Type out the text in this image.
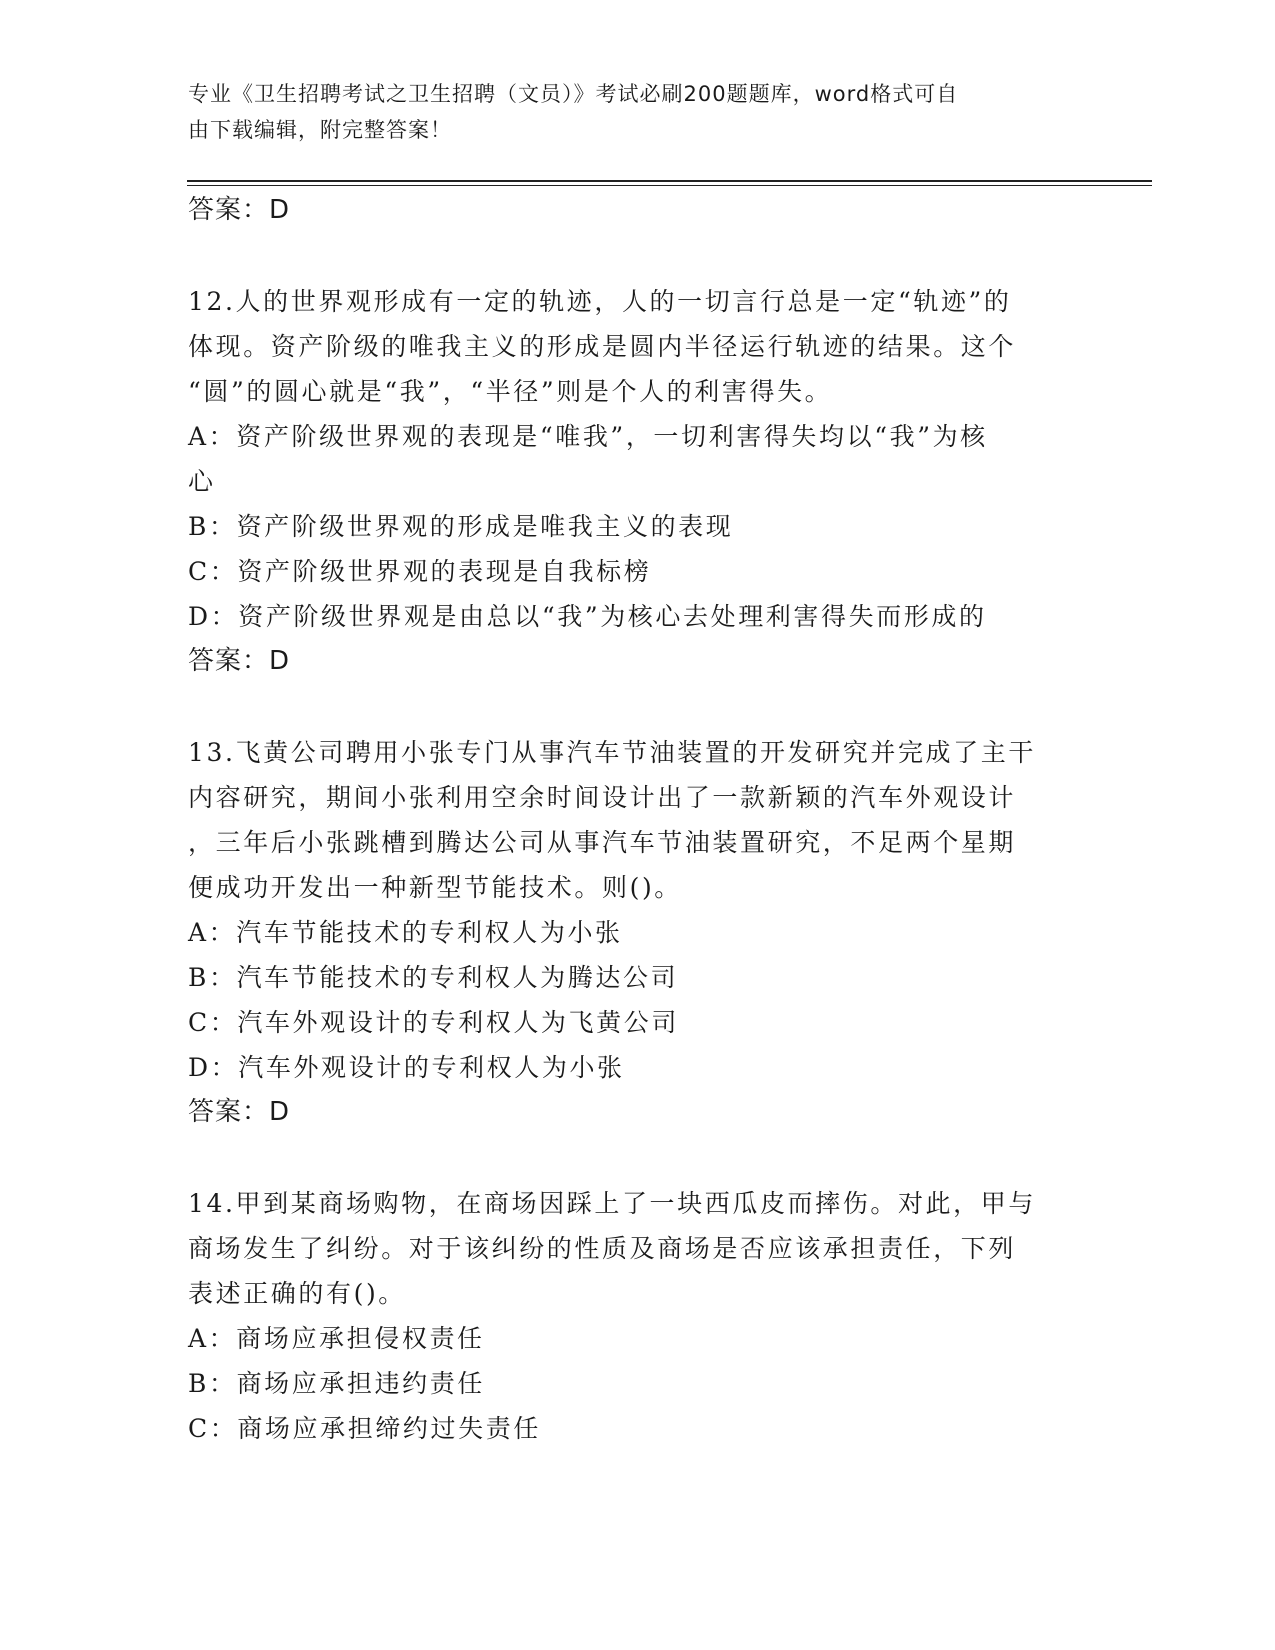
专业《卫生招聘考试之卫生招聘（文员）》考试必刷200题题库，word格式可自
由下载编辑，附完整答案！
答案：D
12.人的世界观形成有一定的轨迹，人的一切言行总是一定“轨迹”的
体现。资产阶级的唯我主义的形成是圆内半径运行轨迹的结果。这个
“圆”的圆心就是“我”，“半径”则是个人的利害得失。
A：资产阶级世界观的表现是“唯我”，一切利害得失均以“我”为核
心
B：资产阶级世界观的形成是唯我主义的表现
C：资产阶级世界观的表现是自我标榜
D：资产阶级世界观是由总以“我”为核心去处理利害得失而形成的
答案：D
13.飞黄公司聘用小张专门从事汽车节油装置的开发研究并完成了主干
内容研究，期间小张利用空余时间设计出了一款新颖的汽车外观设计
，三年后小张跳槽到腾达公司从事汽车节油装置研究，不足两个星期
便成功开发出一种新型节能技术。则()。
A：汽车节能技术的专利权人为小张
B：汽车节能技术的专利权人为腾达公司
C：汽车外观设计的专利权人为飞黄公司
D：汽车外观设计的专利权人为小张
答案：D
14.甲到某商场购物，在商场因踩上了一块西瓜皮而摔伤。对此，甲与
商场发生了纠纷。对于该纠纷的性质及商场是否应该承担责任，下列
表述正确的有()。
A：商场应承担侵权责任
B：商场应承担违约责任
C：商场应承担缔约过失责任
